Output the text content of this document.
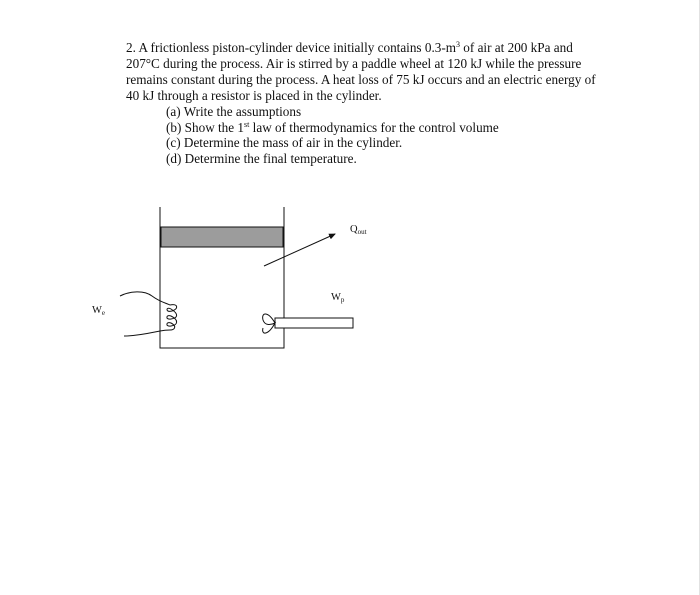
2. A frictionless piston-cylinder device initially contains $0.3-m^3$ of air at 200 kPa and 207°C during the process. Air is stirred by a paddle wheel at 120 kJ while the pressure remains constant during the process. A heat loss of 75 kJ occurs and an electric energy of 40 kJ through a resistor is placed in the cylinder.

(a) Write the assumptions
(b) Show the 1st law of thermodynamics for the control volume
(c) Determine the mass of air in the cylinder.
(d) Determine the final temperature.
$Q_{out}$
$W_p$
$W_e$
